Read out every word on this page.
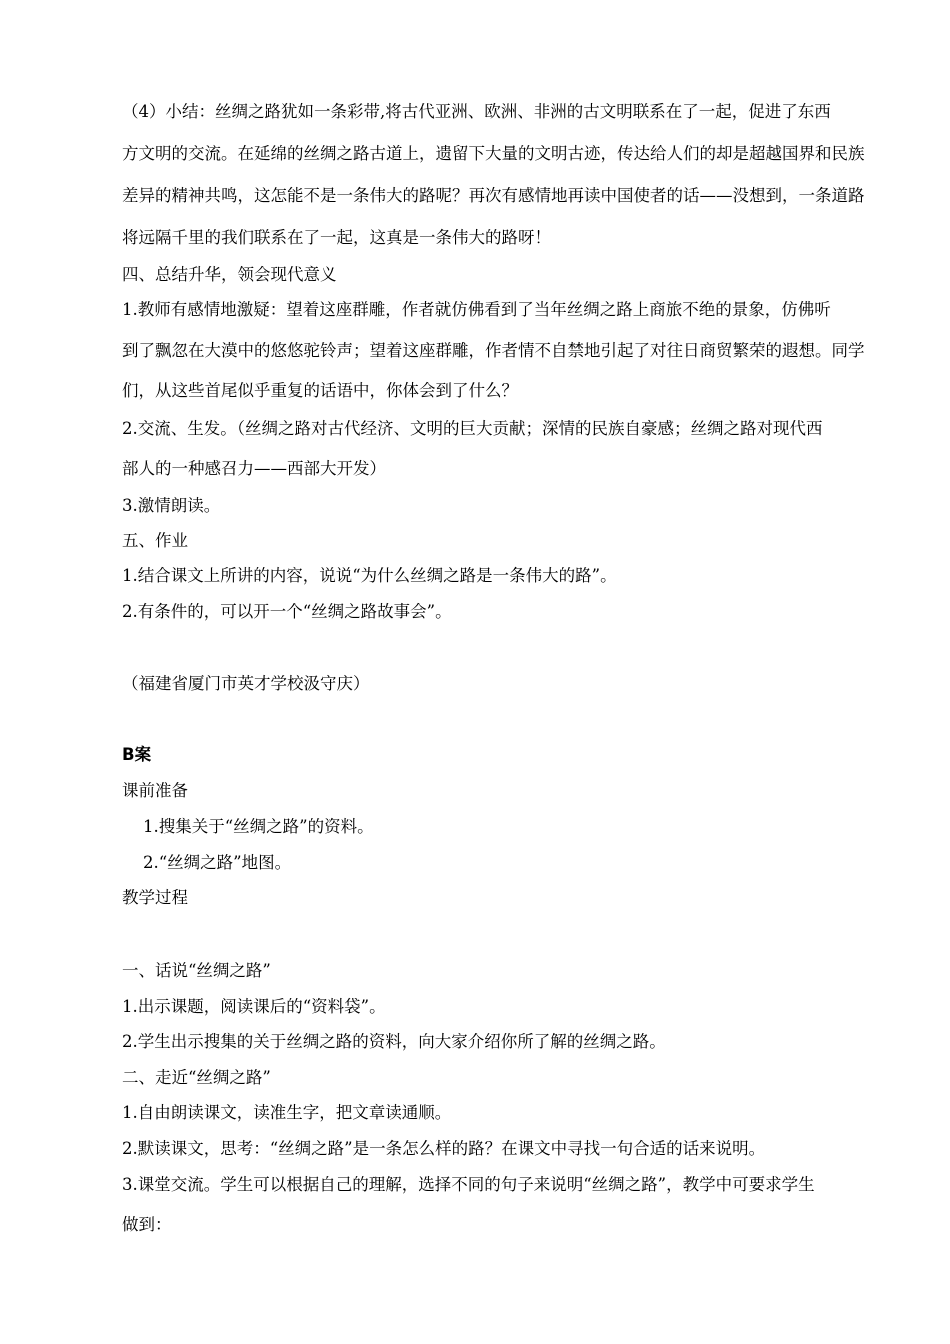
（4）小结：丝绸之路犹如一条彩带,将古代亚洲、欧洲、非洲的古文明联系在了一起，促进了东西
方文明的交流。在延绵的丝绸之路古道上，遗留下大量的文明古迹，传达给人们的却是超越国界和民族
差异的精神共鸣，这怎能不是一条伟大的路呢？再次有感情地再读中国使者的话——没想到，一条道路
将远隔千里的我们联系在了一起，这真是一条伟大的路呀！
四、总结升华，领会现代意义
1.教师有感情地激疑：望着这座群雕，作者就仿佛看到了当年丝绸之路上商旅不绝的景象，仿佛听
到了飘忽在大漠中的悠悠驼铃声；望着这座群雕，作者情不自禁地引起了对往日商贸繁荣的遐想。同学
们，从这些首尾似乎重复的话语中，你体会到了什么？
2.交流、生发。（丝绸之路对古代经济、文明的巨大贡献；深情的民族自豪感；丝绸之路对现代西
部人的一种感召力——西部大开发）
3.激情朗读。
五、作业
1.结合课文上所讲的内容，说说“为什么丝绸之路是一条伟大的路”。
2.有条件的，可以开一个“丝绸之路故事会”。
（福建省厦门市英才学校汲守庆）
B案
课前准备
1.搜集关于“丝绸之路”的资料。
2.“丝绸之路”地图。
教学过程
一、话说“丝绸之路”
1.出示课题，阅读课后的“资料袋”。
2.学生出示搜集的关于丝绸之路的资料，向大家介绍你所了解的丝绸之路。
二、走近“丝绸之路”
1.自由朗读课文，读准生字，把文章读通顺。
2.默读课文，思考：“丝绸之路”是一条怎么样的路？在课文中寻找一句合适的话来说明。
3.课堂交流。学生可以根据自己的理解，选择不同的句子来说明“丝绸之路”，教学中可要求学生
做到：
